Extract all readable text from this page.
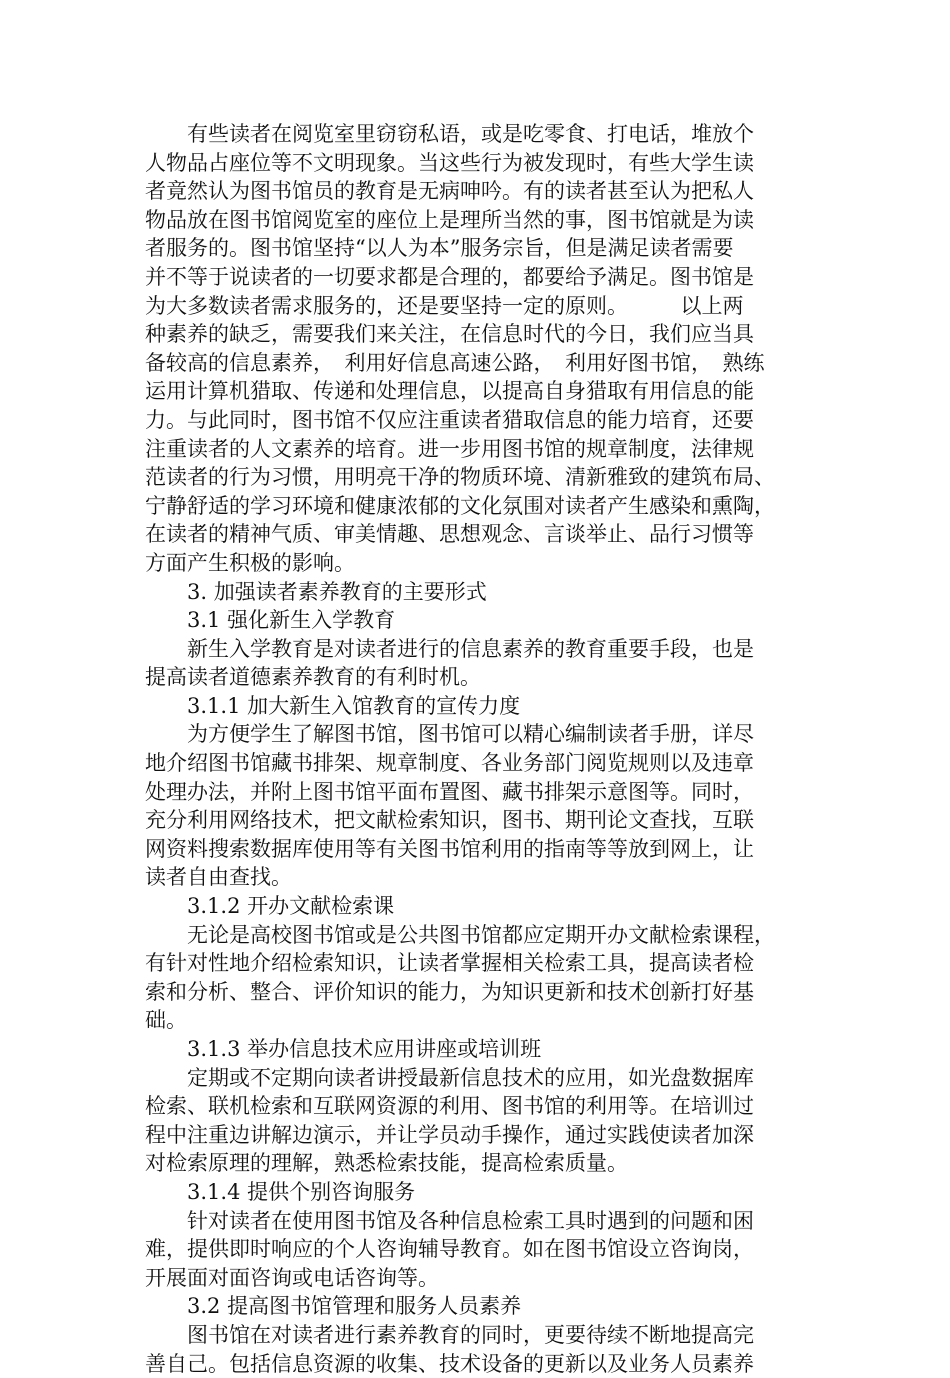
　　有些读者在阅览室里窃窃私语，或是吃零食、打电话，堆放个
人物品占座位等不文明现象。当这些行为被发现时，有些大学生读
者竟然认为图书馆员的教育是无病呻吟。有的读者甚至认为把私人
物品放在图书馆阅览室的座位上是理所当然的事，图书馆就是为读
者服务的。图书馆坚持“以人为本”服务宗旨，但是满足读者需要
并不等于说读者的一切要求都是合理的，都要给予满足。图书馆是
为大多数读者需求服务的，还是要坚持一定的原则。　　　以上两
种素养的缺乏，需要我们来关注，在信息时代的今日，我们应当具
备较高的信息素养，　利用好信息高速公路，　利用好图书馆，　熟练
运用计算机猎取、传递和处理信息，以提高自身猎取有用信息的能
力。与此同时，图书馆不仅应注重读者猎取信息的能力培育，还要
注重读者的人文素养的培育。进一步用图书馆的规章制度，法律规
范读者的行为习惯，用明亮干净的物质环境、清新雅致的建筑布局、
宁静舒适的学习环境和健康浓郁的文化氛围对读者产生感染和熏陶，
在读者的精神气质、审美情趣、思想观念、言谈举止、品行习惯等
方面产生积极的影响。
　　3. 加强读者素养教育的主要形式
　　3.1 强化新生入学教育
　　新生入学教育是对读者进行的信息素养的教育重要手段，也是
提高读者道德素养教育的有利时机。
　　3.1.1 加大新生入馆教育的宣传力度
　　为方便学生了解图书馆，图书馆可以精心编制读者手册，详尽
地介绍图书馆藏书排架、规章制度、各业务部门阅览规则以及违章
处理办法，并附上图书馆平面布置图、藏书排架示意图等。同时，
充分利用网络技术，把文献检索知识，图书、期刊论文查找，互联
网资料搜索数据库使用等有关图书馆利用的指南等等放到网上，让
读者自由查找。
　　3.1.2 开办文献检索课
　　无论是高校图书馆或是公共图书馆都应定期开办文献检索课程，
有针对性地介绍检索知识，让读者掌握相关检索工具，提高读者检
索和分析、整合、评价知识的能力，为知识更新和技术创新打好基
础。
　　3.1.3 举办信息技术应用讲座或培训班
　　定期或不定期向读者讲授最新信息技术的应用，如光盘数据库
检索、联机检索和互联网资源的利用、图书馆的利用等。在培训过
程中注重边讲解边演示，并让学员动手操作，通过实践使读者加深
对检索原理的理解，熟悉检索技能，提高检索质量。
　　3.1.4 提供个别咨询服务
　　针对读者在使用图书馆及各种信息检索工具时遇到的问题和困
难，提供即时响应的个人咨询辅导教育。如在图书馆设立咨询岗，
开展面对面咨询或电话咨询等。
　　3.2 提高图书馆管理和服务人员素养
　　图书馆在对读者进行素养教育的同时，更要待续不断地提高完
善自己。包括信息资源的收集、技术设备的更新以及业务人员素养
